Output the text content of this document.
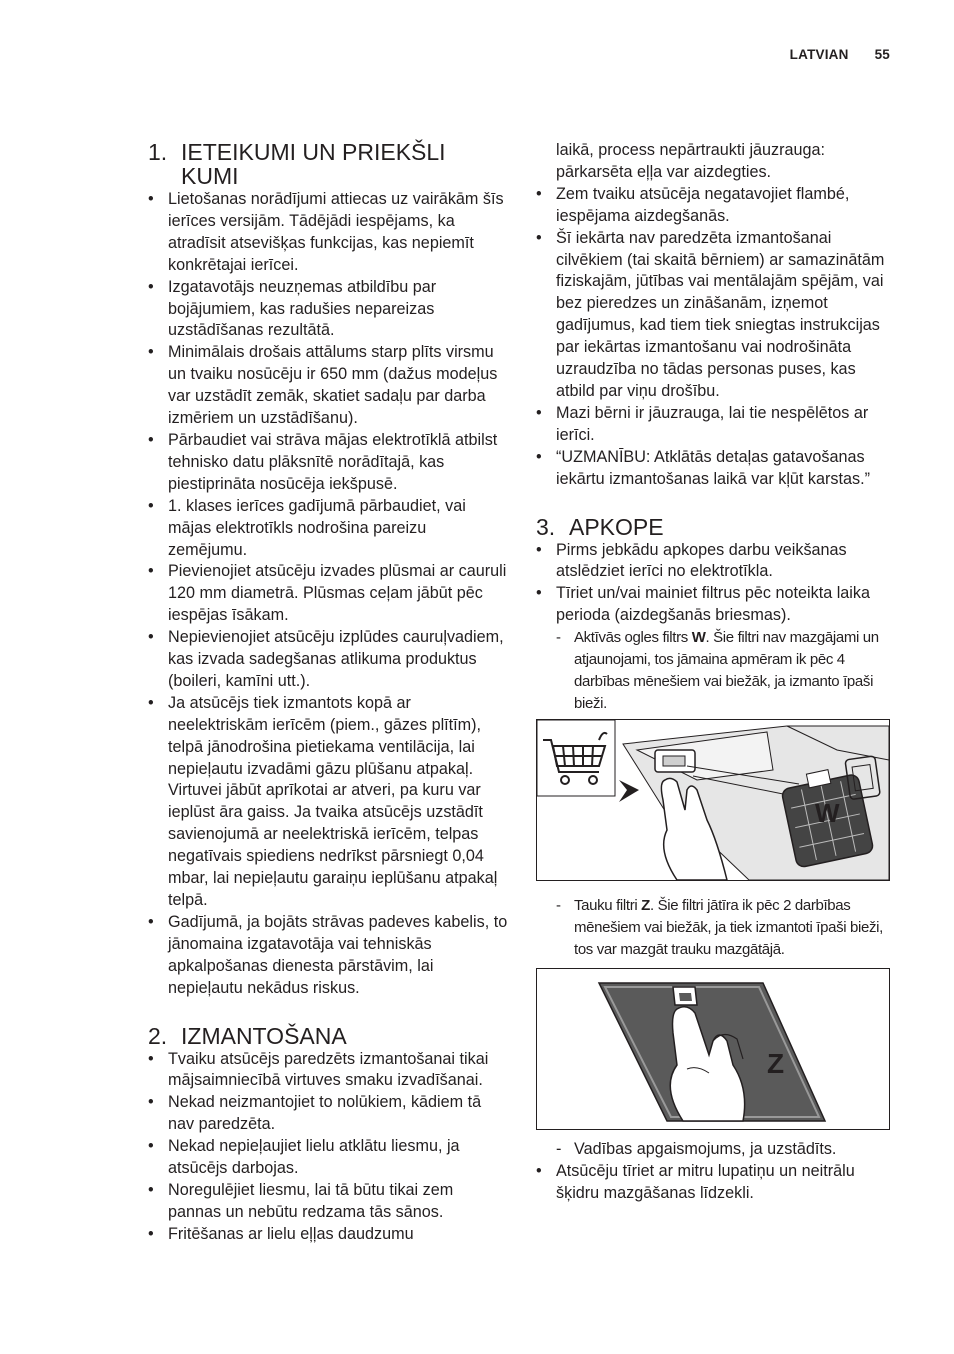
LATVIAN 55
1. IETEIKUMI UN PRIEKŠLI KUMI
• Lietošanas norādījumi attiecas uz vairākām šīs ierīces versijām. Tādējādi iespējams, ka atradīsit atsevišķas funkcijas, kas nepiemīt konkrētajai ierīcei.
• Izgatavotājs neuzņemas atbildību par bojājumiem, kas radušies nepareizas uzstādīšanas rezultātā.
• Minimālais drošais attālums starp plīts virsmu un tvaiku nosūcēju ir 650 mm (dažus modeļus var uzstādīt zemāk, skatiet sadaļu par darba izmēriem un uzstādīšanu).
• Pārbaudiet vai strāva mājas elektrotīklā atbilst tehnisko datu plāksnītē norādītajā, kas piestiprināta nosūcēja iekšpusē.
• 1. klases ierīces gadījumā pārbaudiet, vai mājas elektrotīkls nodrošina pareizu zemējumu.
• Pievienojiet atsūcēju izvades plūsmai ar cauruli 120 mm diametrā. Plūsmas ceļam jābūt pēc iespējas īsākam.
• Nepievienojiet atsūcēju izplūdes cauruļvadiem, kas izvada sadegšanas atlikuma produktus (boileri, kamīni utt.).
• Ja atsūcējs tiek izmantots kopā ar neelektriskām ierīcēm (piem., gāzes plītīm), telpā jānodrošina pietiekama ventilācija, lai nepieļautu izvadāmi gāzu plūšanu atpakaļ. Virtuvei jābūt aprīkotai ar atveri, pa kuru var ieplūst āra gaiss. Ja tvaika atsūcējs uzstādīt savienojumā ar neelektriskā ierīcēm, telpas negatīvais spiediens nedrīkst pārsniegt 0,04 mbar, lai nepieļautu garaiņu ieplūšanu atpakaļ telpā.
• Gadījumā, ja bojāts strāvas padeves kabelis, to jānomaina izgatavotāja vai tehniskās apkalpošanas dienesta pārstāvim, lai nepieļautu nekādus riskus.
2. IZMANTOŠANA
• Tvaiku atsūcējs paredzēts izmantošanai tikai mājsaimniecībā virtuves smaku izvadīšanai.
• Nekad neizmantojiet to nolūkiem, kādiem tā nav paredzēta.
• Nekad nepieļaujiet lielu atklātu liesmu, ja atsūcējs darbojas.
• Noregulējiet liesmu, lai tā būtu tikai zem pannas un nebūtu redzama tās sānos.
• Fritēšanas ar lielu eļļas daudzumu
laikā, process nepārtraukti jāuzrauga: pārkarsēta eļļa var aizdegties.
• Zem tvaiku atsūcēja negatavojiet flambé, iespējama aizdegšanās.
• Šī iekārta nav paredzēta izmantošanai cilvēkiem (tai skaitā bērniem) ar samazinātām fiziskajām, jūtības vai mentālajām spējām, vai bez pieredzes un zināšanām, izņemot gadījumus, kad tiem tiek sniegtas instrukcijas par iekārtas izmantošanu vai nodrošināta uzraudzība no tādas personas puses, kas atbild par viņu drošību.
• Mazi bērni ir jāuzrauga, lai tie nespēlētos ar ierīci.
• “UZMANĪBU: Atklātās detaļas gatavošanas iekārtu izmantošanas laikā var kļūt karstas.”
3. APKOPE
• Pirms jebkādu apkopes darbu veikšanas atslēdziet ierīci no elektrotīkla.
• Tīriet un/vai mainiet filtrus pēc noteikta laika perioda (aizdegšanās briesmas).
- Aktīvās ogles filtrs W. Šie filtri nav mazgājami un atjaunojami, tos jāmaina apmēram ik pēc 4 darbības mēnešiem vai biežāk, ja izmanto īpaši bieži.
W
- Tauku filtri Z. Šie filtri jātīra ik pēc 2 darbības mēnešiem vai biežāk, ja tiek izmantoti īpaši bieži, tos var mazgāt trauku mazgātājā.
Z
- Vadības apgaismojums, ja uzstādīts.
• Atsūcēju tīriet ar mitru lupatiņu un neitrālu šķidru mazgāšanas līdzekli.
